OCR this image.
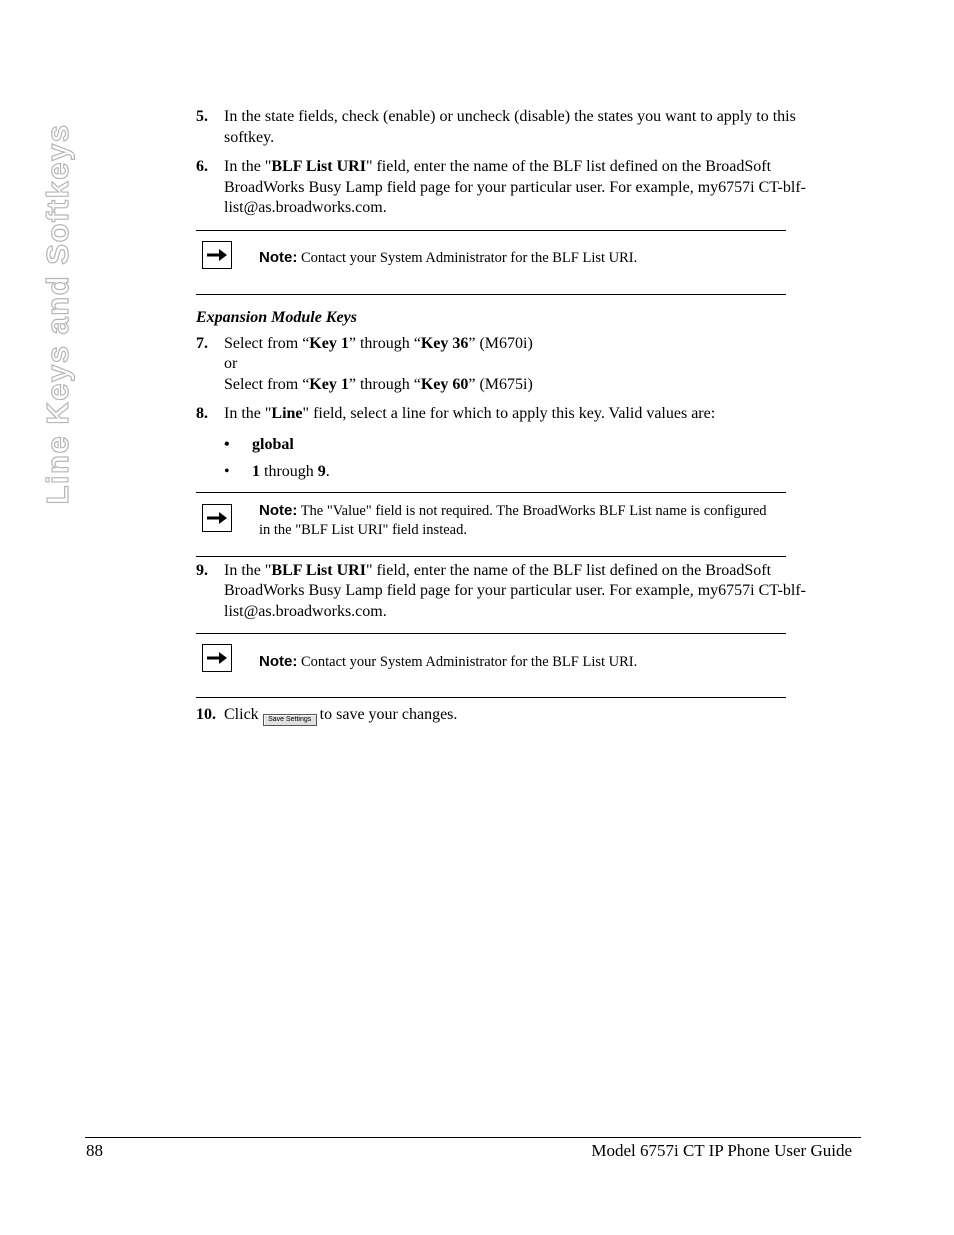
Line Keys and Softkeys
5. In the state fields, check (enable) or uncheck (disable) the states you want to apply to this softkey.
6. In the "BLF List URI" field, enter the name of the BLF list defined on the BroadSoft BroadWorks Busy Lamp field page for your particular user. For example, my6757i CT-blf-list@as.broadworks.com.
Note: Contact your System Administrator for the BLF List URI.
Expansion Module Keys
7. Select from “Key 1” through “Key 36” (M670i)
or
Select from “Key 1” through “Key 60” (M675i)
8. In the "Line" field, select a line for which to apply this key. Valid values are:
• global
• 1 through 9.
Note: The "Value" field is not required. The BroadWorks BLF List name is configured in the "BLF List URI" field instead.
9. In the "BLF List URI" field, enter the name of the BLF list defined on the BroadSoft BroadWorks Busy Lamp field page for your particular user. For example, my6757i CT-blf-list@as.broadworks.com.
Note: Contact your System Administrator for the BLF List URI.
10. Click Save Settings to save your changes.
88	Model 6757i CT IP Phone User Guide
